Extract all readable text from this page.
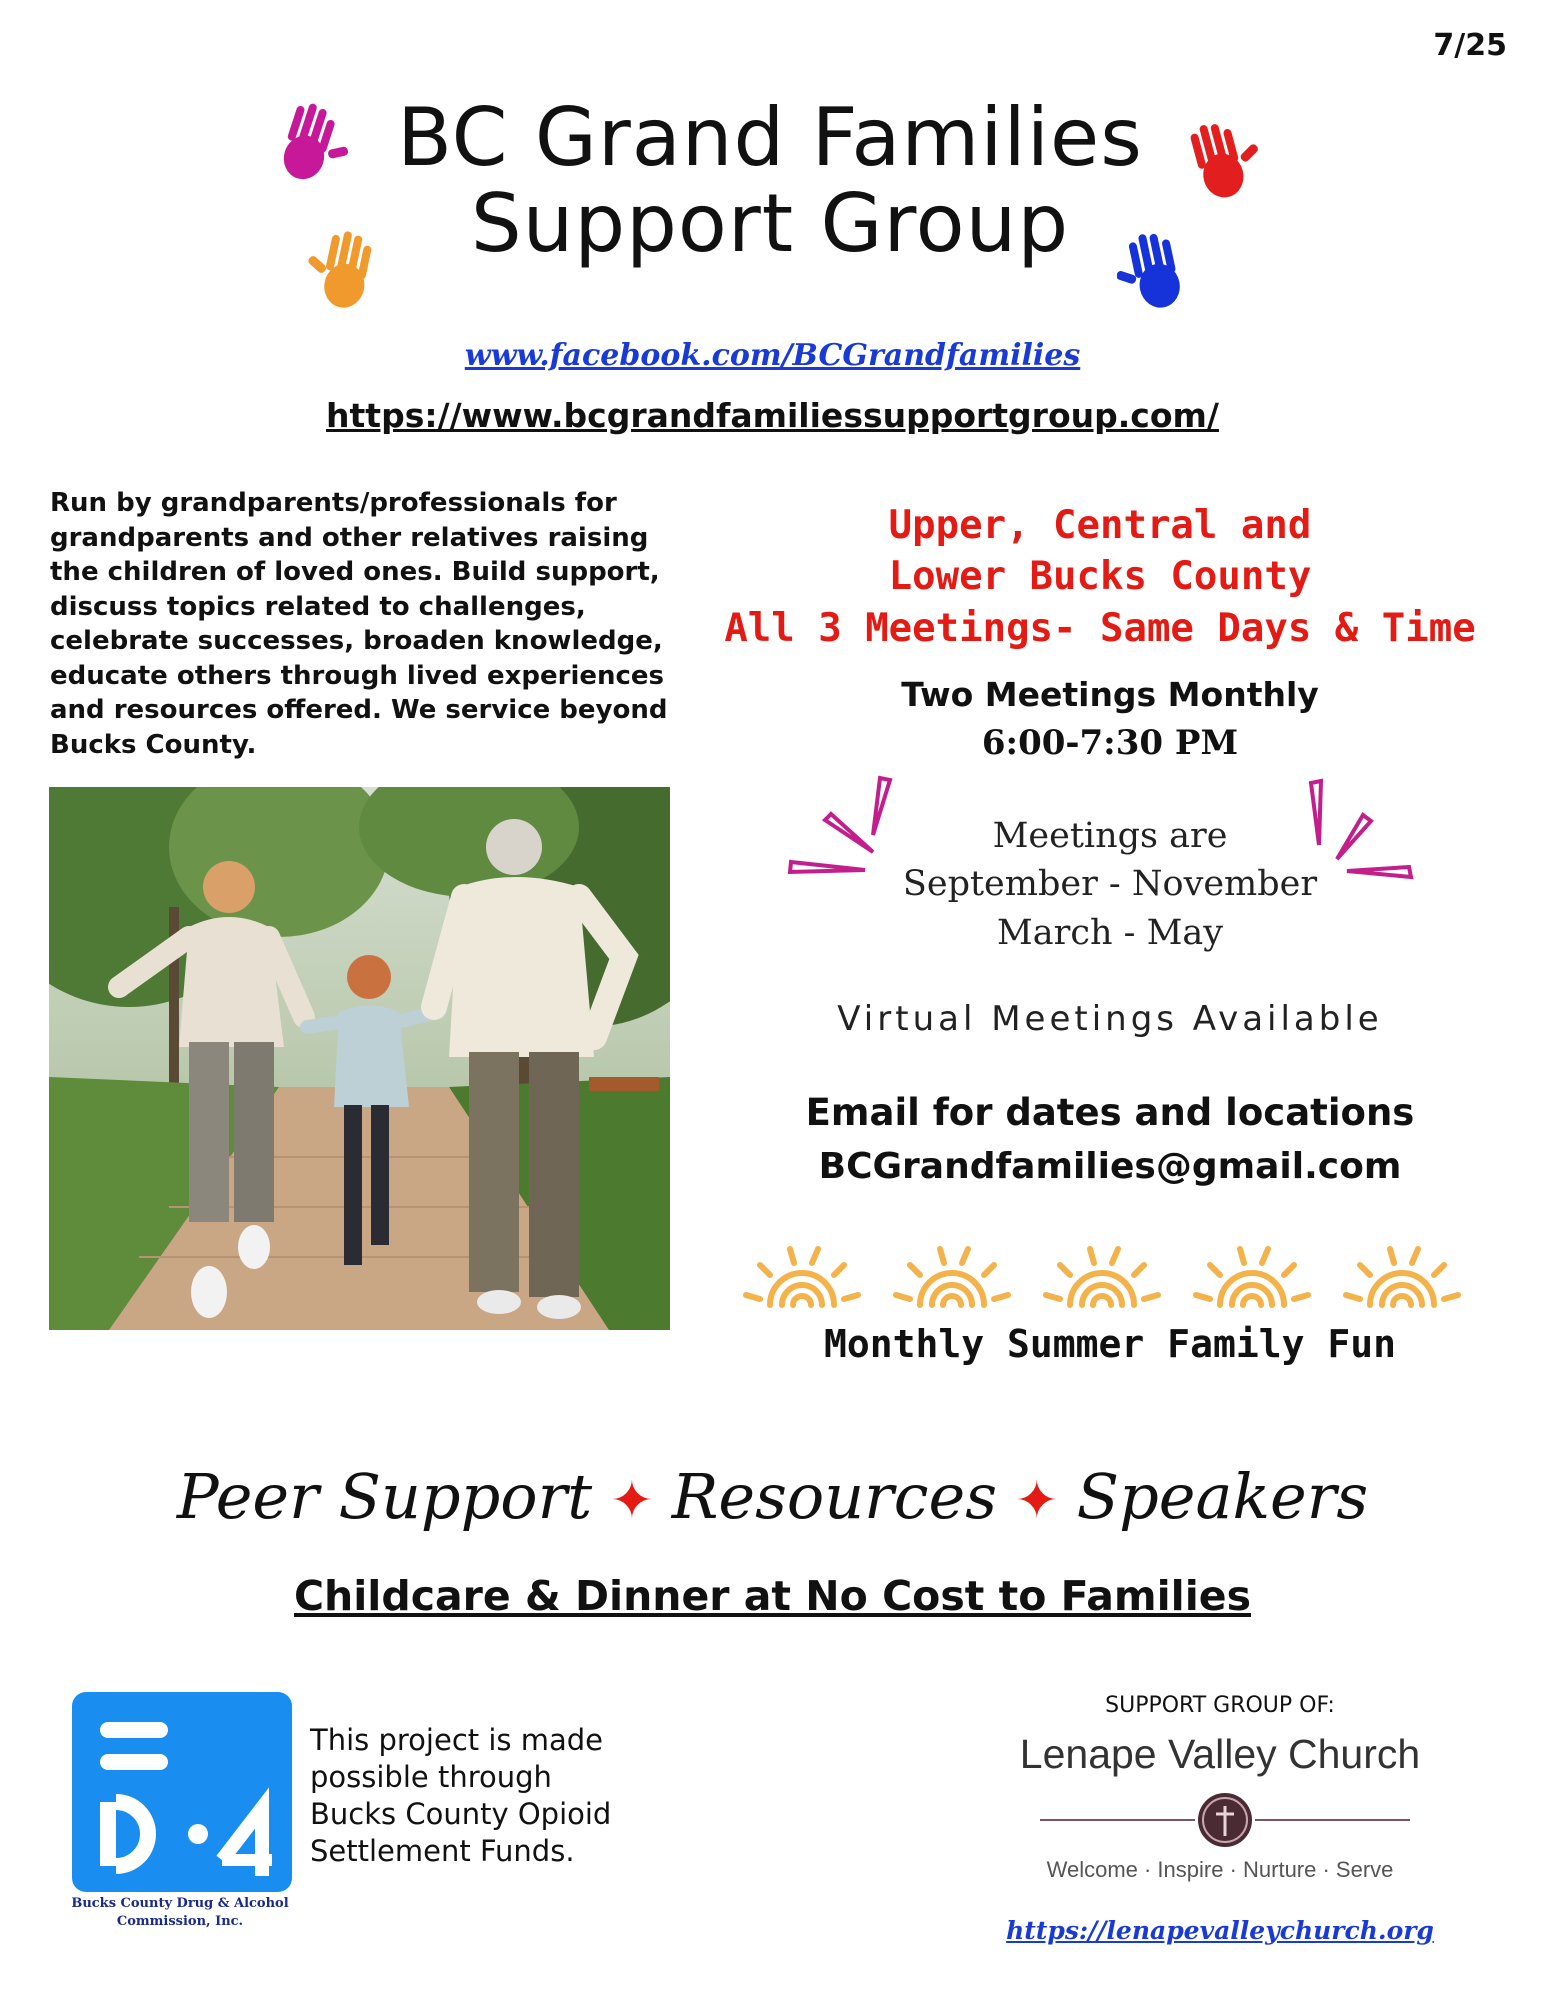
7/25
BC Grand Families
Support Group
www.facebook.com/BCGrandfamilies
https://www.bcgrandfamiliessupportgroup.com/
Run by grandparents/professionals for grandparents and other relatives raising the children of loved ones. Build support, discuss topics related to challenges, celebrate successes, broaden knowledge, educate others through lived experiences and resources offered. We service beyond Bucks County.
Upper, Central and
Lower Bucks County
All 3 Meetings- Same Days & Time
Two Meetings Monthly
6:00-7:30 PM
Meetings are
September - November
March - May
Virtual Meetings Available
Email for dates and locations
BCGrandfamilies@gmail.com
Monthly Summer Family Fun
Peer Support ✦ Resources ✦ Speakers
Childcare & Dinner at No Cost to Families
Bucks County Drug & Alcohol
Commission, Inc.
This project is made possible through Bucks County Opioid Settlement Funds.
SUPPORT GROUP OF:
Lenape Valley Church
Welcome · Inspire · Nurture · Serve
https://lenapevalleychurch.org
